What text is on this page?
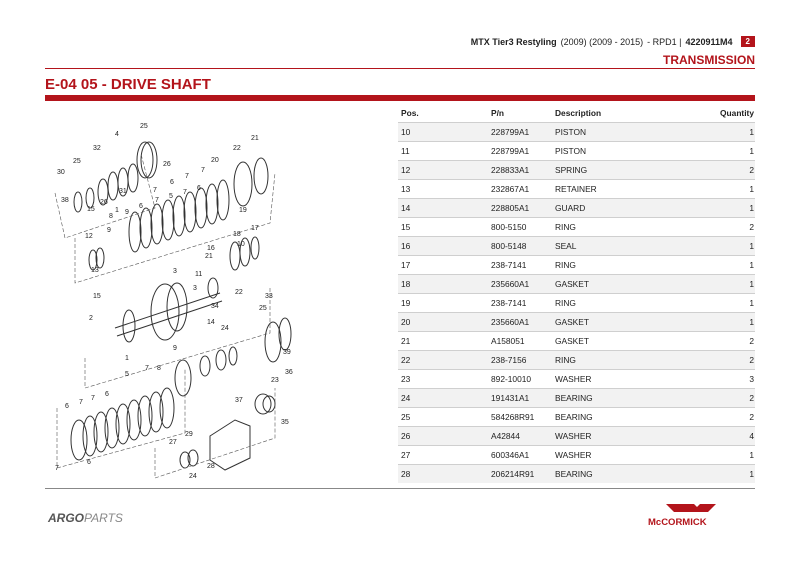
MTX Tier3 Restyling (2009) (2009 - 2015) - RPD1 | 4220911M4	2
TRANSMISSION
E-04 05 - DRIVE SHAFT
25
4
32
26
25
31
30
38
15
26
1
21
22
20
7
7
6
19
7
8
9
6
7
5
7
6
3
12
13
15
10
18
17
21
9
11
16
22
34
3
33
2
25
24
14
39
1
9
8
7
5
6
7
7
6
23
36
37
27
29
35
28
24
7
6
Pos.	P/n	Description	Quantity
10	228799A1	PISTON	1
11	228799A1	PISTON	1
12	228833A1	SPRING	2
13	232867A1	RETAINER	1
14	228805A1	GUARD	1
15	800-5150	RING	2
16	800-5148	SEAL	1
17	238-7141	RING	1
18	235660A1	GASKET	1
19	238-7141	RING	1
20	235660A1	GASKET	1
21	A158051	GASKET	2
22	238-7156	RING	2
23	892-10010	WASHER	3
24	191431A1	BEARING	2
25	584268R91	BEARING	2
26	A42844	WASHER	4
27	600346A1	WASHER	1
28	206214R91	BEARING	1
ARGOPARTS	McCORMICK
